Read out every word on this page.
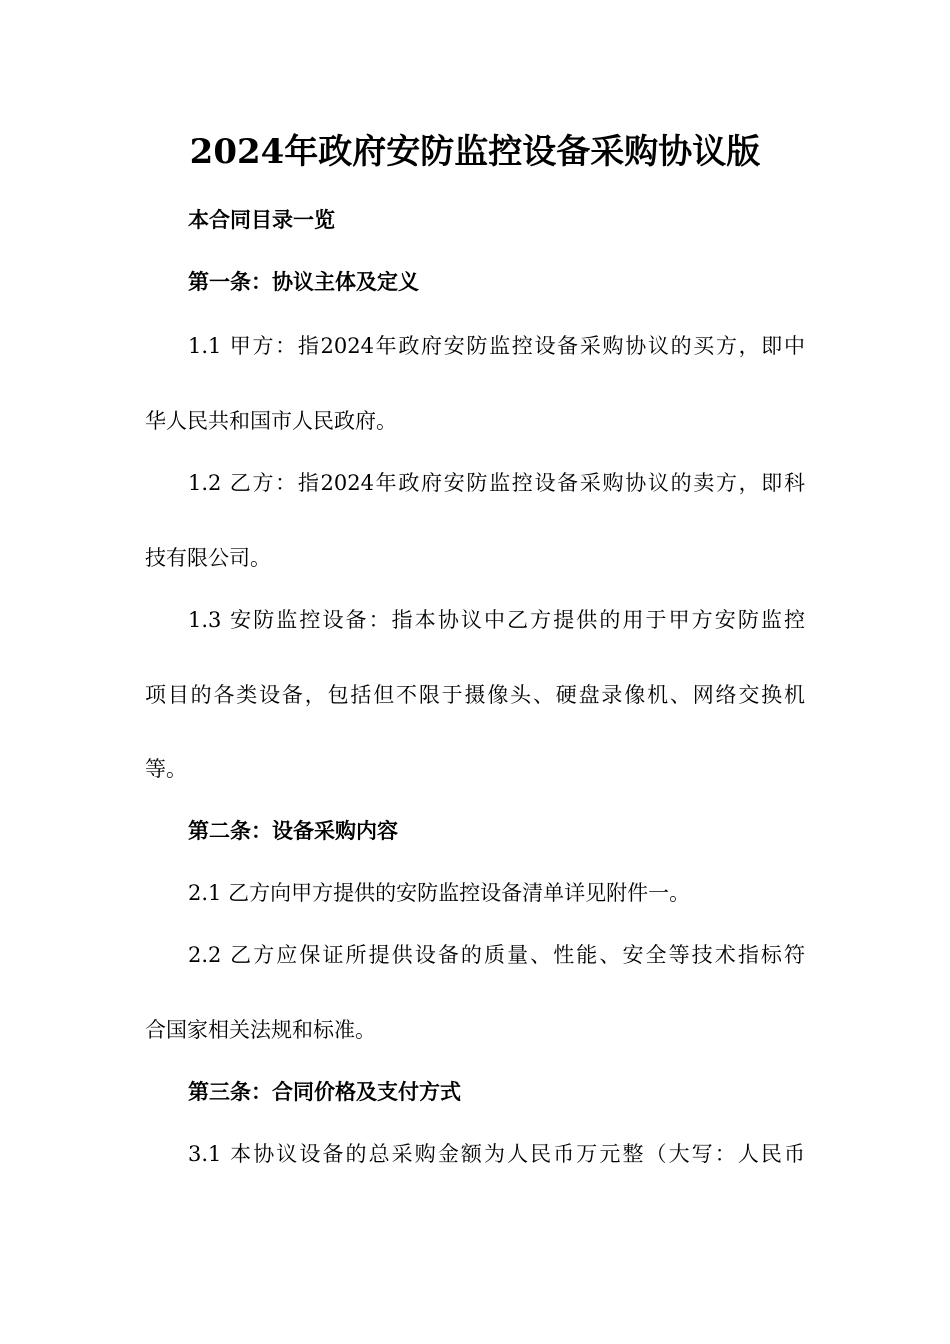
2024年政府安防监控设备采购协议版
本合同目录一览
第一条：协议主体及定义
1.1 甲方：指2024年政府安防监控设备采购协议的买方，即中
华人民共和国市人民政府。
1.2 乙方：指2024年政府安防监控设备采购协议的卖方，即科
技有限公司。
1.3 安防监控设备：指本协议中乙方提供的用于甲方安防监控
项目的各类设备，包括但不限于摄像头、硬盘录像机、网络交换机
等。
第二条：设备采购内容
2.1 乙方向甲方提供的安防监控设备清单详见附件一。
2.2 乙方应保证所提供设备的质量、性能、安全等技术指标符
合国家相关法规和标准。
第三条：合同价格及支付方式
3.1 本协议设备的总采购金额为人民币万元整（大写：人民币
